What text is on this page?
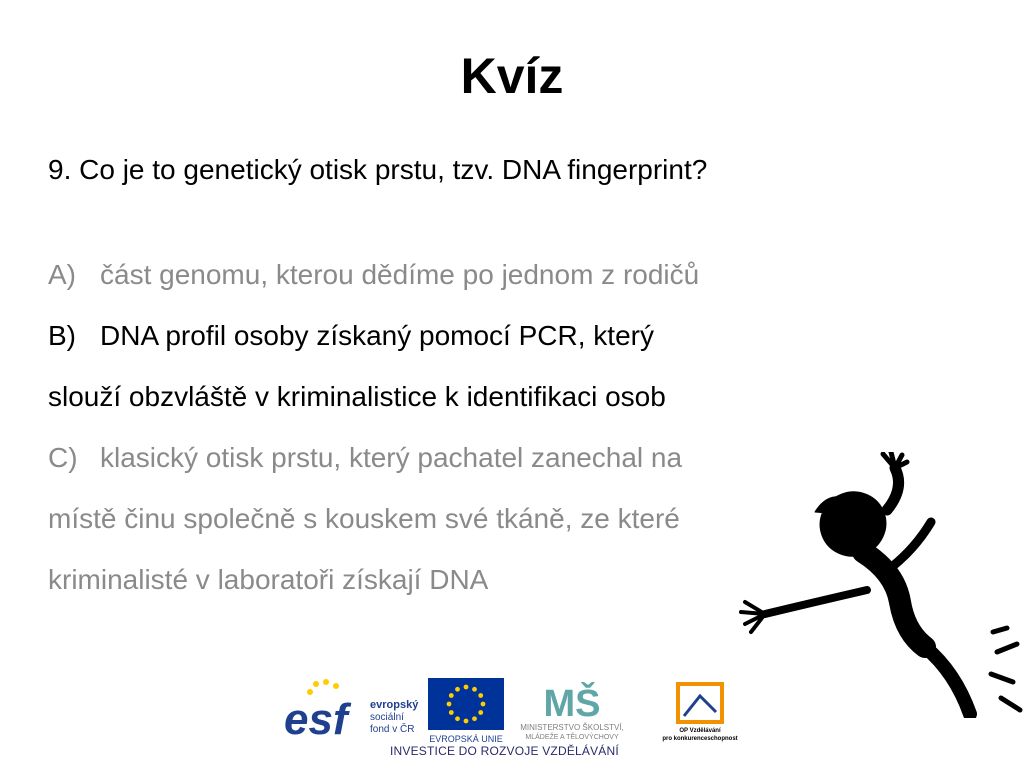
Kvíz
9. Co je to genetický otisk prstu, tzv. DNA fingerprint?
A) část genomu, kterou dědíme po jednom z rodičů
B) DNA profil osoby získaný pomocí PCR, který
slouží obzvláště v kriminalistice k identifikaci osob
C) klasický otisk prstu, který pachatel zanechal na
místě činu společně s kouskem své tkáně, ze které
kriminalisté v laboratoři získají DNA
esf	evropský
sociální
fond v ČR
EVROPSKÁ UNIE
MŠ
MINISTERSTVO ŠKOLSTVÍ,
MLÁDEŽE A TĚLOVÝCHOVY
OP Vzdělávání
pro konkurenceschopnost
INVESTICE DO ROZVOJE VZDĚLÁVÁNÍ
